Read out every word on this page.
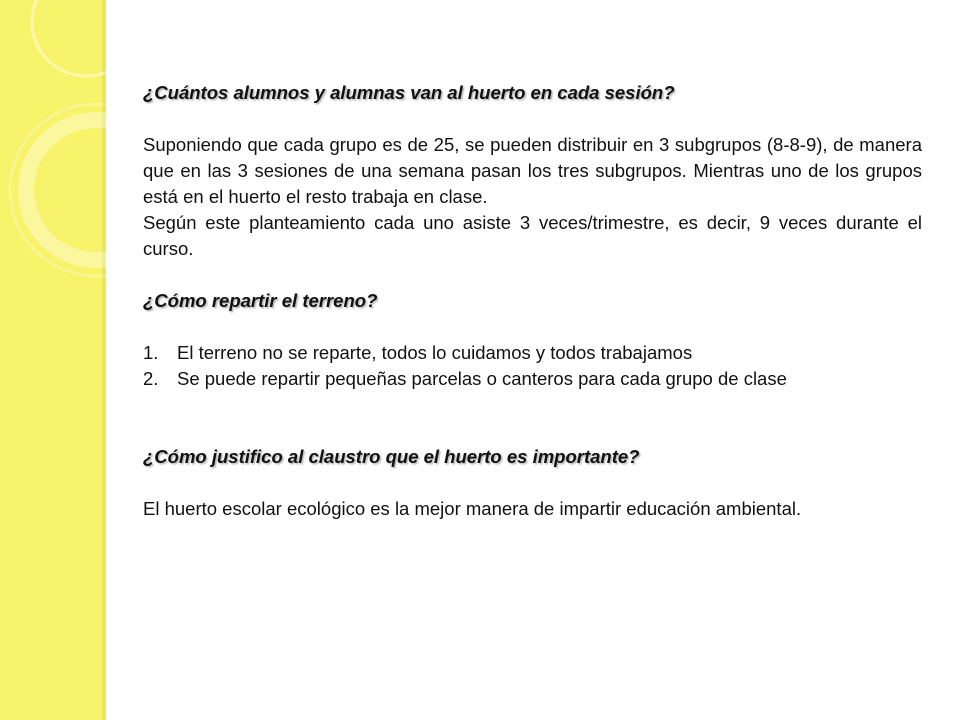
¿Cuántos alumnos y alumnas van al huerto en cada sesión?

Suponiendo que cada grupo es de 25, se pueden distribuir en 3 subgrupos (8-8-9), de manera que en las 3 sesiones de una semana pasan los tres subgrupos. Mientras uno de los grupos está en el huerto el resto trabaja en clase.

Según este planteamiento cada uno asiste 3 veces/trimestre, es decir, 9 veces durante el curso.

¿Cómo repartir el terreno?

1.	El terreno no se reparte, todos lo cuidamos y todos trabajamos
2.	Se puede repartir pequeñas parcelas o canteros para cada grupo de clase

¿Cómo justifico al claustro que el huerto es importante?

El huerto escolar ecológico es la mejor manera de impartir educación ambiental.
